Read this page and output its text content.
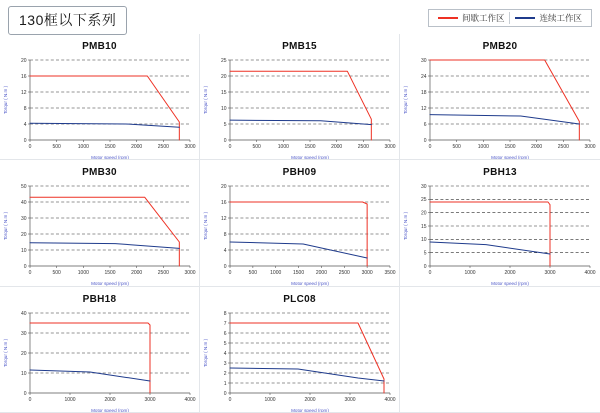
130框以下系列	间歇工作区	连续工作区
PMB10
0	500	1000	1500	2000	2500	3000
0
4
8
12
16
20
Motor speed (rpm)
Torqur ( N.m )
PMB15
0	500	1000	1500	2000	2500	3000
0
5
10
15
20
25
Motor speed (rpm)
Torqur ( N.m )
PMB20
0	500	1000	1500	2000	2500	3000
0
6
12
18
24
30
Motor speed (rpm)
Torqur ( N.m )
PMB30
0	500	1000	1500	2000	2500	3000
0
10
20
30
40
50
Motor speed (rpm)
Torqur ( N.m )
PBH09
0	500	1000 1500 2000 2500 3000 3500
0
4
8
12
16
20
Motor speed (rpm)
Torqur ( N.m )
PBH13
0	1000	2000	3000	4000
0
5
10
15
20
25
30
Motor speed (rpm)
Torqur ( N.m )
PBH18
0	1000	2000	3000	4000
0
10
20
30
40
Motor speed (rpm)
Torqur ( N.m )
PLC08
0	1000	2000	3000	4000
0
1
2
3
4
5
6
7
8
Motor speed (rpm)
Torqur ( N.m )
